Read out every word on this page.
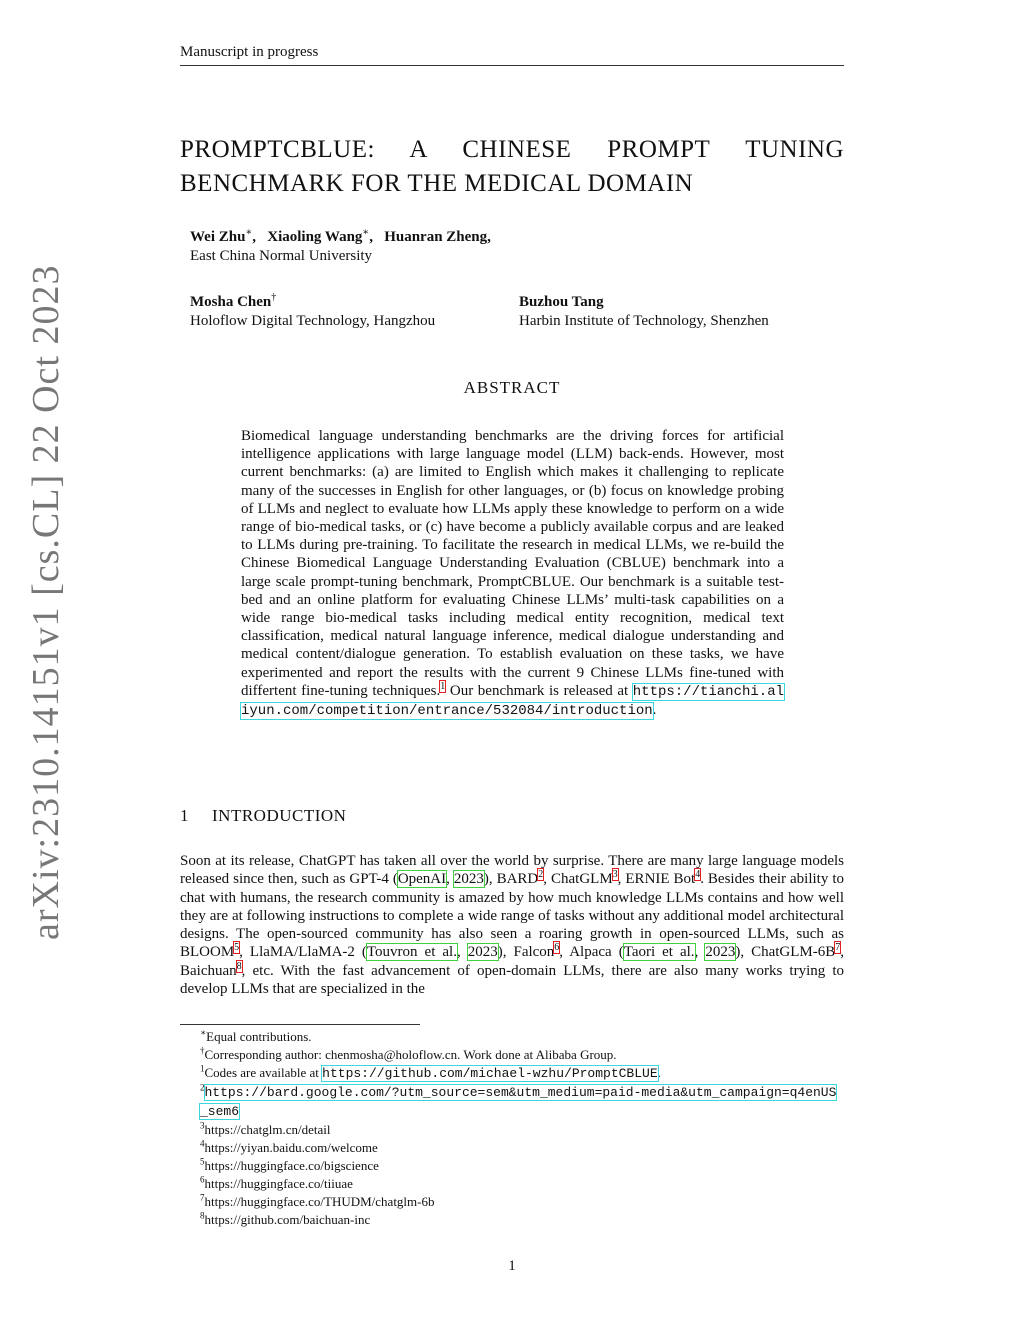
Manuscript in progress
PROMPTCBLUE: A CHINESE PROMPT TUNING
BENCHMARK FOR THE MEDICAL DOMAIN
Wei Zhu∗, Xiaoling Wang∗, Huanran Zheng,
East China Normal University
Mosha Chen†
Holoflow Digital Technology, Hangzhou
Buzhou Tang
Harbin Institute of Technology, Shenzhen
ABSTRACT
Biomedical language understanding benchmarks are the driving forces for artificial intelligence applications with large language model (LLM) back-ends. However, most current benchmarks: (a) are limited to English which makes it challenging to replicate many of the successes in English for other languages, or (b) focus on knowledge probing of LLMs and neglect to evaluate how LLMs apply these knowledge to perform on a wide range of bio-medical tasks, or (c) have become a publicly available corpus and are leaked to LLMs during pre-training. To facilitate the research in medical LLMs, we re-build the Chinese Biomedical Language Understanding Evaluation (CBLUE) benchmark into a large scale prompt-tuning benchmark, PromptCBLUE. Our benchmark is a suitable test-bed and an online platform for evaluating Chinese LLMs’ multi-task capabilities on a wide range bio-medical tasks including medical entity recognition, medical text classification, medical natural language inference, medical dialogue understanding and medical content/dialogue generation. To establish evaluation on these tasks, we have experimented and report the results with the current 9 Chinese LLMs fine-tuned with differtent fine-tuning techniques.$^1$ Our benchmark is released at https://tianchi.aliyun.com/competition/entrance/532084/introduction.
1 INTRODUCTION
Soon at its release, ChatGPT has taken all over the world by surprise. There are many large language models released since then, such as GPT-4 (OpenAI, 2023), BARD$^2$, ChatGLM$^3$, ERNIE Bot$^4$. Besides their ability to chat with humans, the research community is amazed by how much knowledge LLMs contains and how well they are at following instructions to complete a wide range of tasks without any additional model architectural designs. The open-sourced community has also seen a roaring growth in open-sourced LLMs, such as BLOOM$^5$, LlaMA/LlaMA-2 (Touvron et al., 2023), Falcon$^6$, Alpaca (Taori et al., 2023), ChatGLM-$6B^7$, Baichuan$^8$, etc. With the fast advancement of open-domain LLMs, there are also many works trying to develop LLMs that are specialized in the
∗Equal contributions.
†Corresponding author: chenmosha@holoflow.cn. Work done at Alibaba Group.
$^1$Codes are available at https://github.com/michael-wzhu/PromptCBLUE.
$^2$https://bard.google.com/?utm_source=sem&utm_medium=paid-media&utm_campaign=q4enUS_sem6
$^3$https://chatglm.cn/detail
$^4$https://yiyan.baidu.com/welcome
$^5$https://huggingface.co/bigscience
$^6$https://huggingface.co/tiiuae
$^7$https://huggingface.co/THUDM/chatglm-6b
$^8$https://github.com/baichuan-inc
1
arXiv:2310.14151v1 [cs.CL] 22 Oct 2023
